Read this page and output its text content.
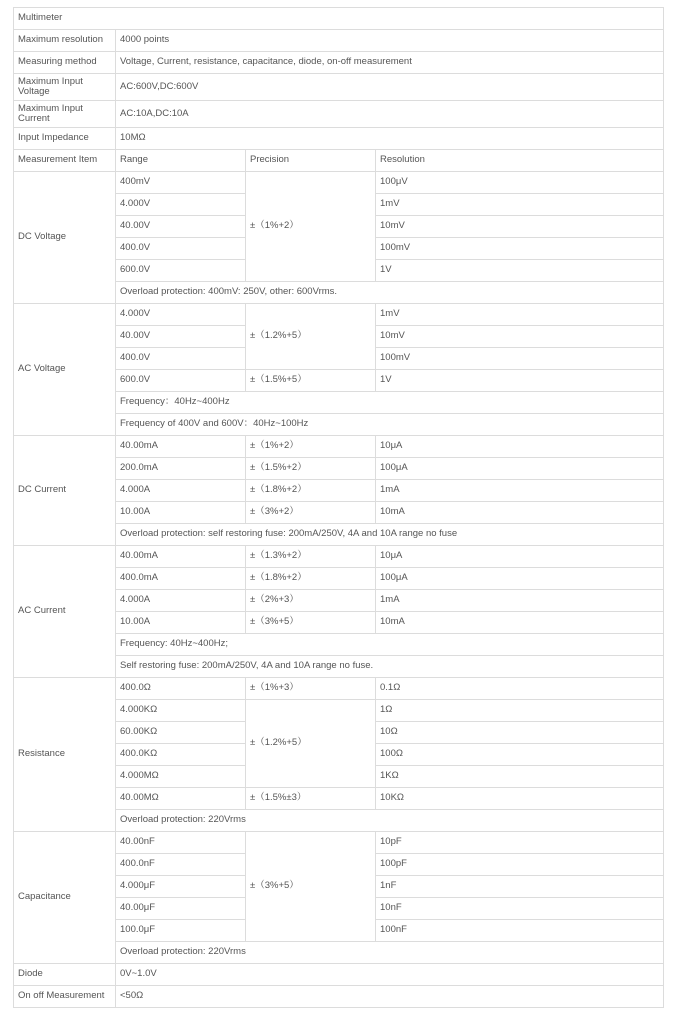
Multimeter			
Maximum resolution	4000 points		
Measuring method	Voltage, Current, resistance, capacitance, diode, on-off measurement		
Maximum Input Voltage	AC:600V,DC:600V		
Maximum Input Current	AC:10A,DC:10A		
Input Impedance	10MΩ		
Measurement Item	Range	Precision	Resolution
DC Voltage	400mV	±（1%+2）	100μV
	4.000V		1mV
	40.00V		10mV
	400.0V		100mV
	600.0V		1V
	Overload protection: 400mV: 250V, other: 600Vrms.		
AC Voltage	4.000V	±（1.2%+5）	1mV
	40.00V		10mV
	400.0V		100mV
	600.0V	±（1.5%+5）	1V
	Frequency：40Hz~400Hz		
	Frequency of 400V and 600V：40Hz~100Hz		
DC Current	40.00mA	±（1%+2）	10μA
	200.0mA	±（1.5%+2）	100μA
	4.000A	±（1.8%+2）	1mA
	10.00A	±（3%+2）	10mA
	Overload protection: self restoring fuse: 200mA/250V, 4A and 10A range no fuse		
AC Current	40.00mA	±（1.3%+2）	10μA
	400.0mA	±（1.8%+2）	100μA
	4.000A	±（2%+3）	1mA
	10.00A	±（3%+5）	10mA
	Frequency: 40Hz~400Hz;		
	Self restoring fuse: 200mA/250V, 4A and 10A range no fuse.		
Resistance	400.0Ω	±（1%+3）	0.1Ω
	4.000KΩ	±（1.2%+5）	1Ω
	60.00KΩ		10Ω
	400.0KΩ		100Ω
	4.000MΩ		1KΩ
	40.00MΩ	±（1.5%±3）	10KΩ
	Overload protection: 220Vrms		
Capacitance	40.00nF	±（3%+5）	10pF
	400.0nF		100pF
	4.000μF		1nF
	40.00μF		10nF
	100.0μF		100nF
	Overload protection: 220Vrms		
Diode	0V~1.0V		
On off Measurement	<50Ω		
